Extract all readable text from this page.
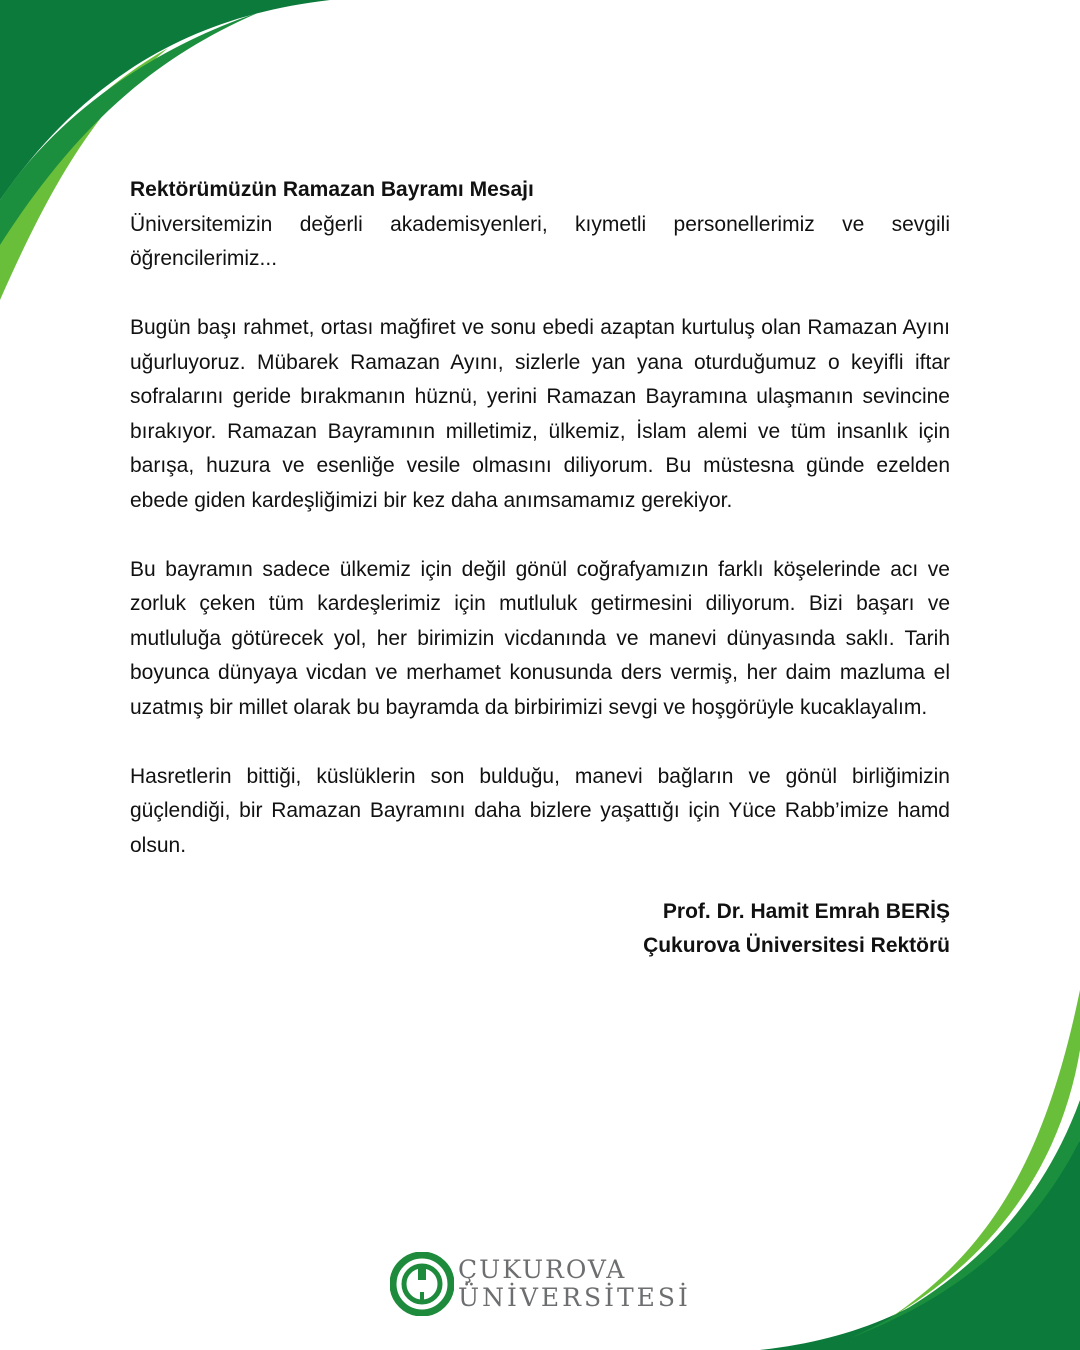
Rektörümüzün Ramazan Bayramı Mesajı

Üniversitemizin değerli akademisyenleri, kıymetli personellerimiz ve sevgili öğrencilerimiz...

Bugün başı rahmet, ortası mağfiret ve sonu ebedi azaptan kurtuluş olan Ramazan Ayını uğurluyoruz. Mübarek Ramazan Ayını, sizlerle yan yana oturduğumuz o keyifli iftar sofralarını geride bırakmanın hüznü, yerini Ramazan Bayramına ulaşmanın sevincine bırakıyor. Ramazan Bayramının milletimiz, ülkemiz, İslam alemi ve tüm insanlık için barışa, huzura ve esenliğe vesile olmasını diliyorum. Bu müstesna günde ezelden ebede giden kardeşliğimizi bir kez daha anımsamamız gerekiyor.

Bu bayramın sadece ülkemiz için değil gönül coğrafyamızın farklı köşelerinde acı ve zorluk çeken tüm kardeşlerimiz için mutluluk getirmesini diliyorum. Bizi başarı ve mutluluğa götürecek yol, her birimizin vicdanında ve manevi dünyasında saklı. Tarih boyunca dünyaya vicdan ve merhamet konusunda ders vermiş, her daim mazluma el uzatmış bir millet olarak bu bayramda da birbirimizi sevgi ve hoşgörüyle kucaklayalım.

Hasretlerin bittiği, küslüklerin son bulduğu, manevi bağların ve gönül birliğimizin güçlendiği, bir Ramazan Bayramını daha bizlere yaşattığı için Yüce Rabb’imize hamd olsun.

Prof. Dr. Hamit Emrah BERİŞ
Çukurova Üniversitesi Rektörü
ÇUKUROVA
ÜNİVERSİTESİ
